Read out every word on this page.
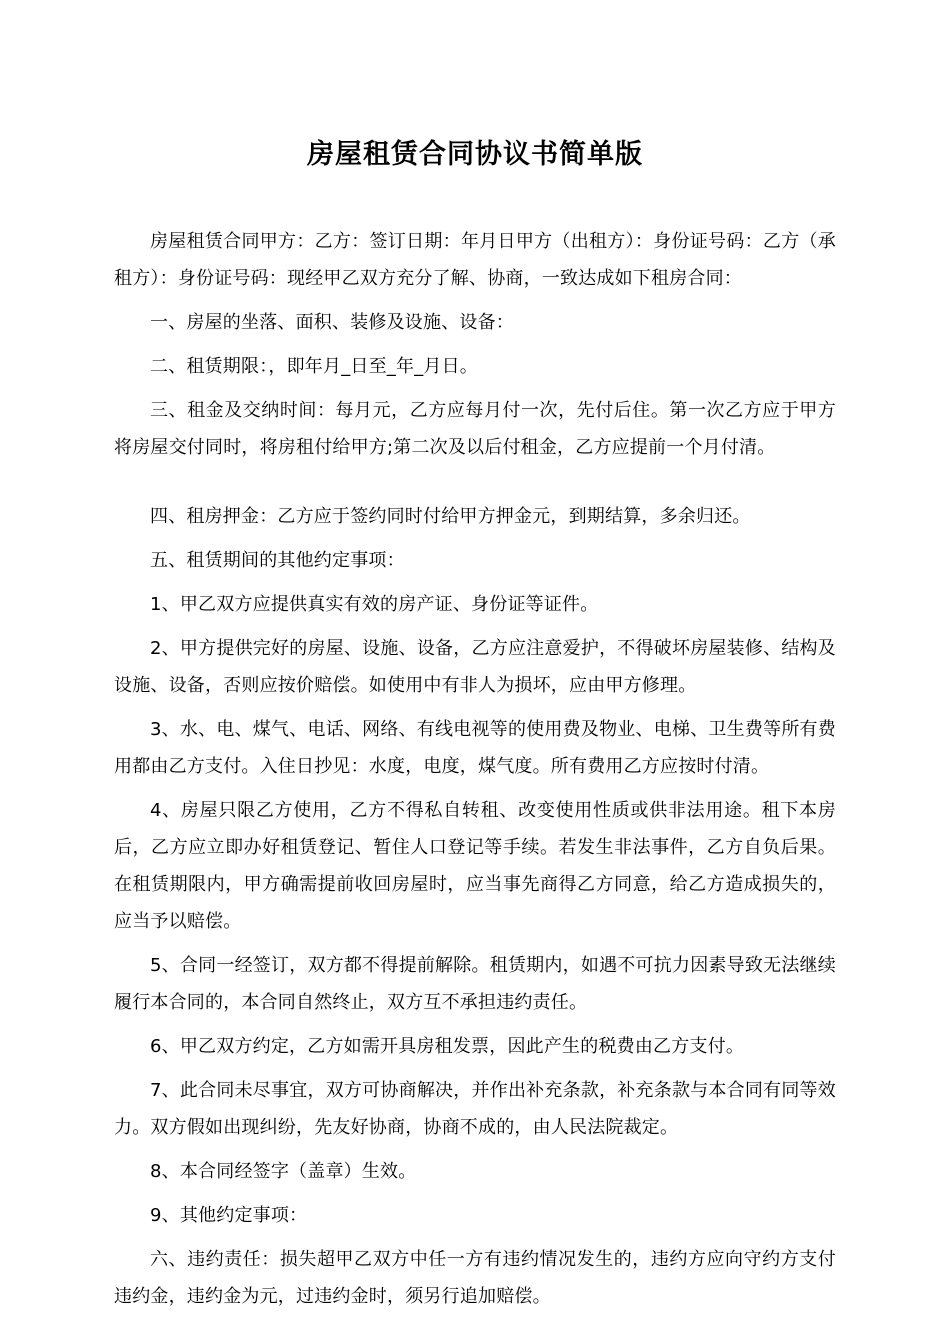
房屋租赁合同协议书简单版

房屋租赁合同甲方：乙方：签订日期：年月日甲方（出租方）：身份证号码：乙方（承租方）：身份证号码：现经甲乙双方充分了解、协商，一致达成如下租房合同：

一、房屋的坐落、面积、装修及设施、设备：

二、租赁期限：，即年月_日至_年_月日。

三、租金及交纳时间：每月元，乙方应每月付一次，先付后住。第一次乙方应于甲方将房屋交付同时，将房租付给甲方;第二次及以后付租金，乙方应提前一个月付清。

四、租房押金：乙方应于签约同时付给甲方押金元，到期结算，多余归还。

五、租赁期间的其他约定事项：

1、甲乙双方应提供真实有效的房产证、身份证等证件。

2、甲方提供完好的房屋、设施、设备，乙方应注意爱护，不得破坏房屋装修、结构及设施、设备，否则应按价赔偿。如使用中有非人为损坏，应由甲方修理。

3、水、电、煤气、电话、网络、有线电视等的使用费及物业、电梯、卫生费等所有费用都由乙方支付。入住日抄见：水度，电度，煤气度。所有费用乙方应按时付清。

4、房屋只限乙方使用，乙方不得私自转租、改变使用性质或供非法用途。租下本房后，乙方应立即办好租赁登记、暂住人口登记等手续。若发生非法事件，乙方自负后果。在租赁期限内，甲方确需提前收回房屋时，应当事先商得乙方同意，给乙方造成损失的，应当予以赔偿。

5、合同一经签订，双方都不得提前解除。租赁期内，如遇不可抗力因素导致无法继续履行本合同的，本合同自然终止，双方互不承担违约责任。

6、甲乙双方约定，乙方如需开具房租发票，因此产生的税费由乙方支付。

7、此合同未尽事宜，双方可协商解决，并作出补充条款，补充条款与本合同有同等效力。双方假如出现纠纷，先友好协商，协商不成的，由人民法院裁定。

8、本合同经签字（盖章）生效。

9、其他约定事项：

六、违约责任：损失超甲乙双方中任一方有违约情况发生的，违约方应向守约方支付违约金，违约金为元，过违约金时，须另行追加赔偿。
